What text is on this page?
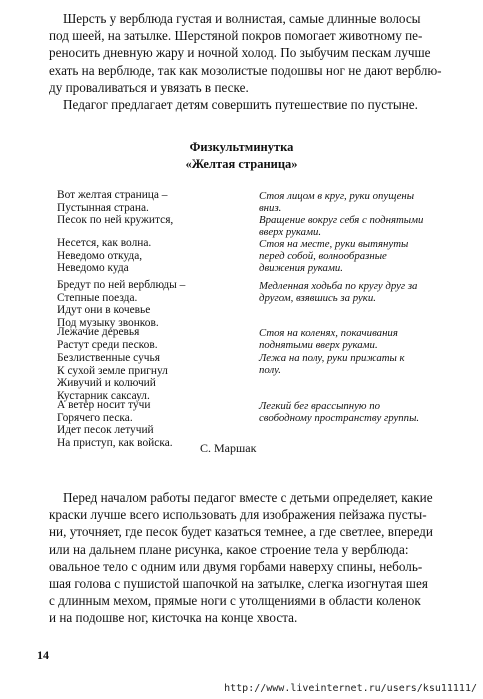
Шерсть у верблюда густая и волнистая, самые длинные волосы
под шеей, на затылке. Шерстяной покров помогает животному пе-
реносить дневную жару и ночной холод. По зыбучим пескам лучше
ехать на верблюде, так как мозолистые подошвы ног не дают верблю-
ду проваливаться и увязать в песке.
Педагог предлагает детям совершить путешествие по пустыне.

Физкультминутка

«Желтая страница»

Вот желтая страница –
Пустынная страна.
Песок по ней кружится,
Несется, как волна.
Неведомо откуда,
Неведомо куда
Бредут по ней верблюды –
Степные поезда.
Идут они в кочевье
Под музыку звонков.
Лежачие деревья
Растут среди песков.
Безлиственные сучья
К сухой земле пригнул
Живучий и колючий
Кустарник саксаул.
А ветер носит тучи
Горячего песка.
Идет песок летучий
На приступ, как войска.
Стоя лицом в круг, руки опущены
вниз.
Вращение вокруг себя с поднятыми
вверх руками.
Стоя на месте, руки вытянуты
перед собой, волнообразные
движения руками.
Медленная ходьба по кругу друг за
другом, взявшись за руки.
Стоя на коленях, покачивания
поднятыми вверх руками.
Лежа на полу, руки прижаты к
полу.
Легкий бег врассыпную по
свободному пространству группы.

С. Маршак

Перед началом работы педагог вместе с детьми определяет, какие
краски лучше всего использовать для изображения пейзажа пусты-
ни, уточняет, где песок будет казаться темнее, а где светлее, впереди
или на дальнем плане рисунка, какое строение тела у верблюда:
овальное тело с одним или двумя горбами наверху спины, неболь-
шая голова с пушистой шапочкой на затылке, слегка изогнутая шея
с длинным мехом, прямые ноги с утолщениями в области коленок
и на подошве ног, кисточка на конце хвоста.

14

http://www.liveinternet.ru/users/ksu11111/
